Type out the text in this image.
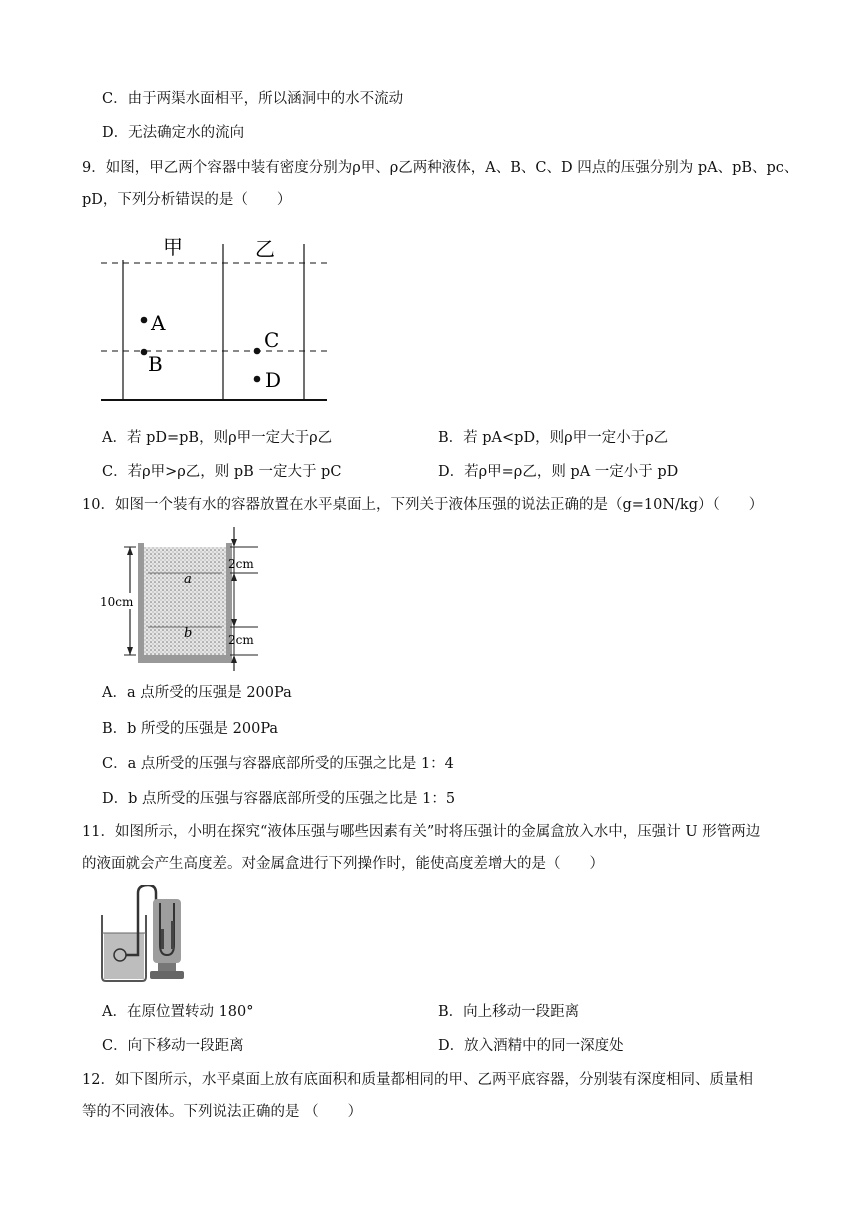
C．由于两渠水面相平，所以涵洞中的水不流动
D．无法确定水的流向
9．如图，甲乙两个容器中装有密度分别为ρ甲、ρ乙两种液体，A、B、C、D 四点的压强分别为 pA、pB、pc、
pD，下列分析错误的是（　　）
甲	乙
A
B
C
D
A．若 pD=pB，则ρ甲一定大于ρ乙	B．若 pA<pD，则ρ甲一定小于ρ乙
C．若ρ甲>ρ乙，则 pB 一定大于 pC	D．若ρ甲=ρ乙，则 pA 一定小于 pD
10．如图一个装有水的容器放置在水平桌面上，下列关于液体压强的说法正确的是（g=10N/kg）（　　）
10cm
2cm
2cm
a
b
A．a 点所受的压强是 200Pa
B．b 所受的压强是 200Pa
C．a 点所受的压强与容器底部所受的压强之比是 1：4
D．b 点所受的压强与容器底部所受的压强之比是 1：5
11．如图所示，小明在探究“液体压强与哪些因素有关”时将压强计的金属盒放入水中，压强计 U 形管两边
的液面就会产生高度差。对金属盒进行下列操作时，能使高度差增大的是（　　）
A．在原位置转动 180°	B．向上移动一段距离
C．向下移动一段距离	D．放入酒精中的同一深度处
12．如下图所示，水平桌面上放有底面积和质量都相同的甲、乙两平底容器，分别装有深度相同、质量相
等的不同液体。下列说法正确的是 （　　）
